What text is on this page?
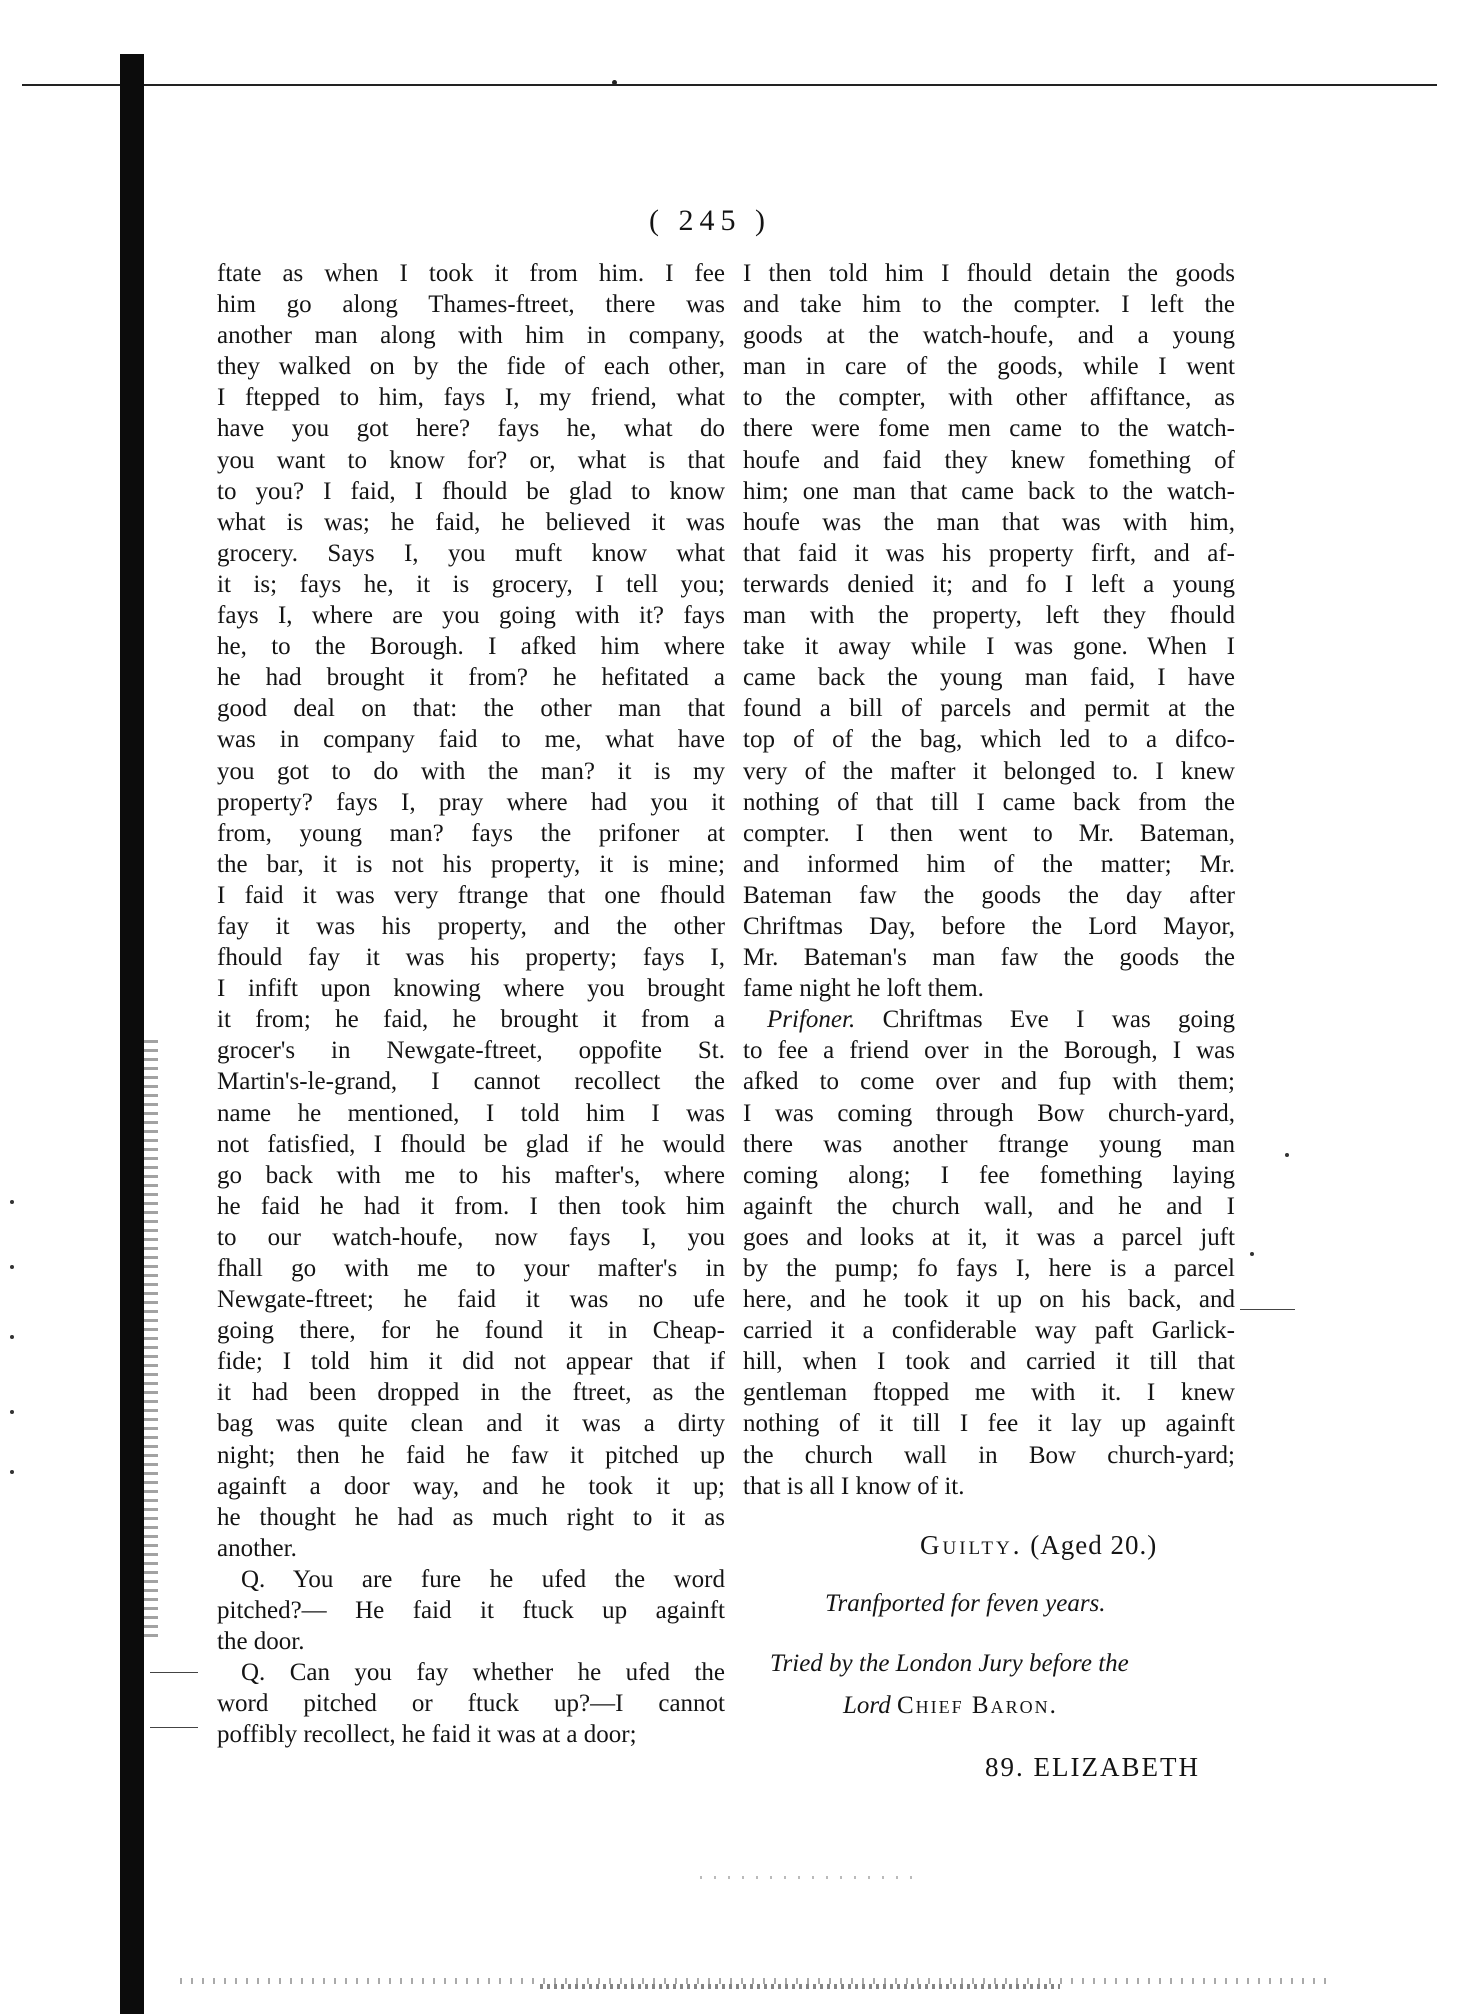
( 245 )
ftate as when I took it from him. I fee
him go along Thames-ftreet, there was
another man along with him in company,
they walked on by the fide of each other,
I ftepped to him, fays I, my friend, what
have you got here? fays he, what do
you want to know for? or, what is that
to you? I faid, I fhould be glad to know
what is was; he faid, he believed it was
grocery. Says I, you muft know what
it is; fays he, it is grocery, I tell you;
fays I, where are you going with it? fays
he, to the Borough. I afked him where
he had brought it from? he hefitated a
good deal on that: the other man that
was in company faid to me, what have
you got to do with the man? it is my
property? fays I, pray where had you it
from, young man? fays the prifoner at
the bar, it is not his property, it is mine;
I faid it was very ftrange that one fhould
fay it was his property, and the other
fhould fay it was his property; fays I,
I infift upon knowing where you brought
it from; he faid, he brought it from a
grocer's in Newgate-ftreet, oppofite St.
Martin's-le-grand, I cannot recollect the
name he mentioned, I told him I was
not fatisfied, I fhould be glad if he would
go back with me to his mafter's, where
he faid he had it from. I then took him
to our watch-houfe, now fays I, you
fhall go with me to your mafter's in
Newgate-ftreet; he faid it was no ufe
going there, for he found it in Cheap-
fide; I told him it did not appear that if
it had been dropped in the ftreet, as the
bag was quite clean and it was a dirty
night; then he faid he faw it pitched up
againft a door way, and he took it up;
he thought he had as much right to it as
another.
Q. You are fure he ufed the word
pitched?— He faid it ftuck up againft
the door.
Q. Can you fay whether he ufed the
word pitched or ftuck up?—I cannot
poffibly recollect, he faid it was at a door;
I then told him I fhould detain the goods
and take him to the compter. I left the
goods at the watch-houfe, and a young
man in care of the goods, while I went
to the compter, with other affiftance, as
there were fome men came to the watch-
houfe and faid they knew fomething of
him; one man that came back to the watch-
houfe was the man that was with him,
that faid it was his property firft, and af-
terwards denied it; and fo I left a young
man with the property, left they fhould
take it away while I was gone. When I
came back the young man faid, I have
found a bill of parcels and permit at the
top of of the bag, which led to a difco-
very of the mafter it belonged to. I knew
nothing of that till I came back from the
compter. I then went to Mr. Bateman,
and informed him of the matter; Mr.
Bateman faw the goods the day after
Chriftmas Day, before the Lord Mayor,
Mr. Bateman's man faw the goods the
fame night he loft them.
Prifoner. Chriftmas Eve I was going
to fee a friend over in the Borough, I was
afked to come over and fup with them;
I was coming through Bow church-yard,
there was another ftrange young man
coming along; I fee fomething laying
againft the church wall, and he and I
goes and looks at it, it was a parcel juft
by the pump; fo fays I, here is a parcel
here, and he took it up on his back, and
carried it a confiderable way paft Garlick-
hill, when I took and carried it till that
gentleman ftopped me with it. I knew
nothing of it till I fee it lay up againft
the church wall in Bow church-yard;
that is all I know of it.
Guilty. (Aged 20.)
Tranfported for feven years.
Tried by the London Jury before the
Lord Chief Baron.
89. ELIZABETH
